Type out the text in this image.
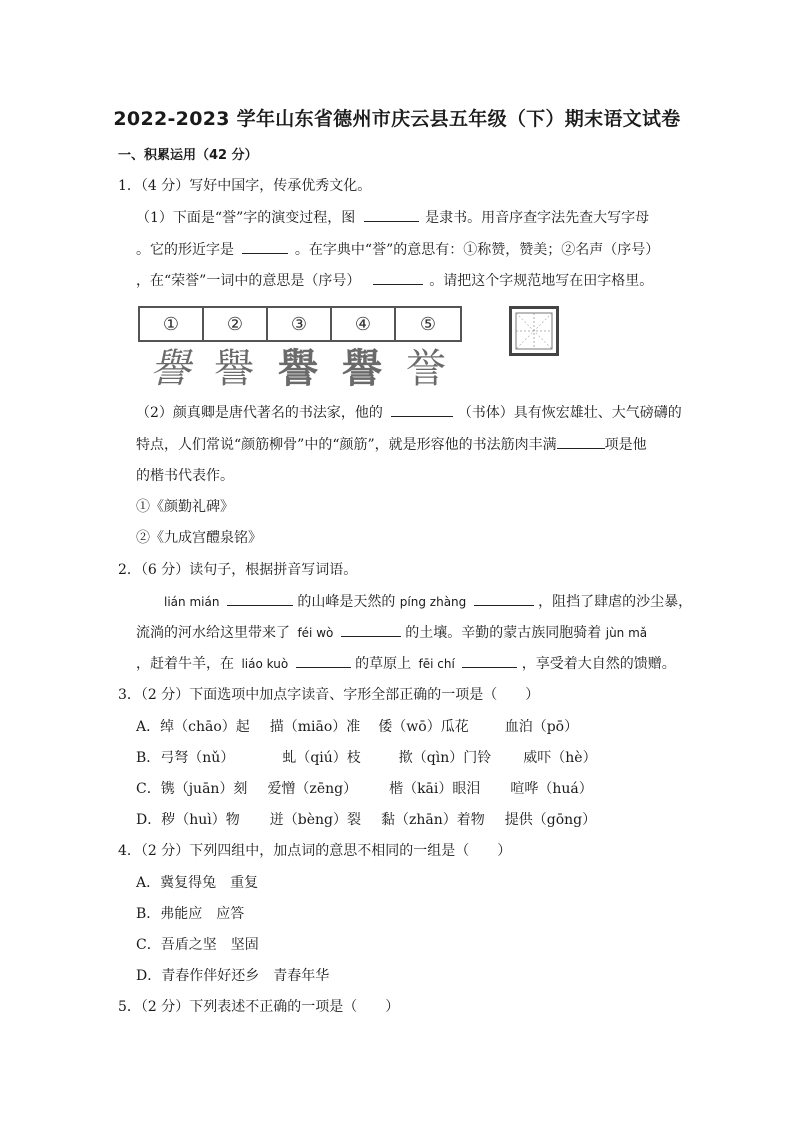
2022-2023 学年山东省德州市庆云县五年级（下）期末语文试卷
一、积累运用（42 分）
1．（4 分）写好中国字，传承优秀文化。
（1）下面是“誉”字的演变过程，图	是隶书。用音序查字法先查大写字母
。它的形近字是	。在字典中“誉”的意思有：①称赞，赞美；②名声（序号）
，在“荣誉”一词中的意思是（序号）	。请把这个字规范地写在田字格里。
①	②	③	④	⑤
譽 譽 譽 譽 誉
（2）颜真卿是唐代著名的书法家，他的	（书体）具有恢宏雄壮、大气磅礴的
特点，人们常说“颜筋柳骨”中的“颜筋”，就是形容他的书法筋肉丰满	项是他
的楷书代表作。
①《颜勤礼碑》
②《九成宫醴泉铭》
2．（6 分）读句子，根据拼音写词语。
lián mián	的山峰是天然的 píng zhàng	，阻挡了肆虐的沙尘暴，
流淌的河水给这里带来了 féi wò	的土壤。辛勤的蒙古族同胞骑着 jùn mǎ
，赶着牛羊，在 liáo kuò	的草原上 fēi chí	，享受着大自然的馈赠。
3．（2 分）下面选项中加点字读音、字形全部正确的一项是（　　）
A．绰（chāo）起 描（miāo）准 倭（wō）瓜花	血泊（pō）
B．弓弩（nǔ）	虬（qiú）枝	揿（qìn）门铃 威吓（hè）
C．镌（juān）刻 爱憎（zēng） 楷（kāi）眼泪 喧哗（huá）
D．秽（huì）物 迸（bèng）裂 黏（zhān）着物 提供（gōng）
4．（2 分）下列四组中，加点词的意思不相同的一组是（　　）
A．冀复得兔　重复
B．弗能应　应答
C．吾盾之坚　坚固
D．青春作伴好还乡　青春年华
5．（2 分）下列表述不正确的一项是（　　）
